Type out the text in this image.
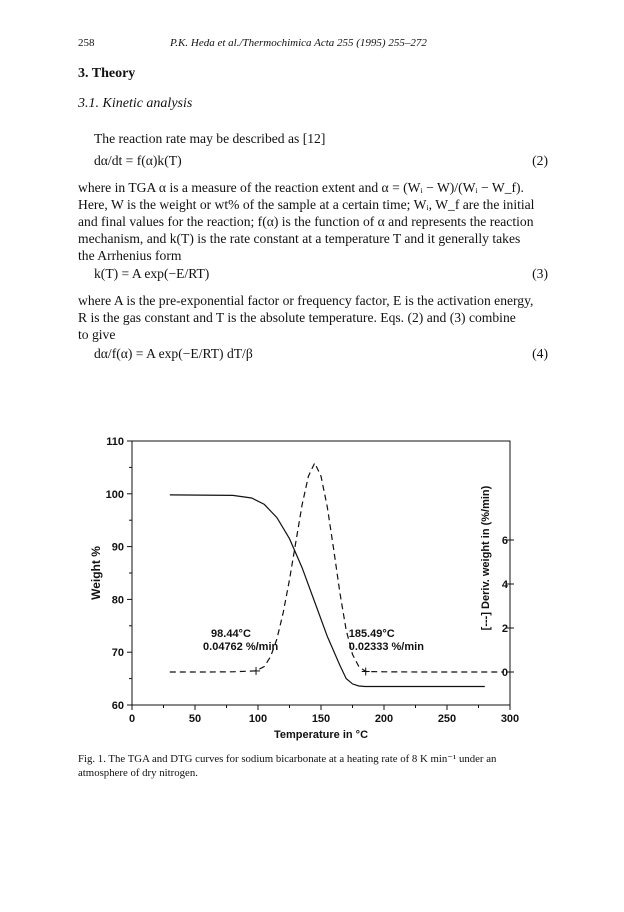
258	P.K. Heda et al./Thermochimica Acta 255 (1995) 255–272
3. Theory
3.1. Kinetic analysis
The reaction rate may be described as [12]
dα/dt = f(α)k(T)	(2)
where in TGA α is a measure of the reaction extent and α = (Wᵢ − W)/(Wᵢ − W_f).
Here, W is the weight or wt% of the sample at a certain time; Wᵢ, W_f are the initial
and final values for the reaction; f(α) is the function of α and represents the reaction
mechanism, and k(T) is the rate constant at a temperature T and it generally takes
the Arrhenius form
k(T) = A exp(−E/RT)	(3)
where A is the pre-exponential factor or frequency factor, E is the activation energy,
R is the gas constant and T is the absolute temperature. Eqs. (2) and (3) combine
to give
dα/f(α) = A exp(−E/RT) dT/β	(4)
0	50	100	150	200	250	300
60
70
80
90
100
110
0
2
4
6
Temperature in °C
Weight %	[---] Deriv. weight in (%/min)
98.44°C
0.04762 %/min
185.49°C
0.02333 %/min
Fig. 1. The TGA and DTG curves for sodium bicarbonate at a heating rate of 8 K min⁻¹ under an atmosphere of dry nitrogen.
